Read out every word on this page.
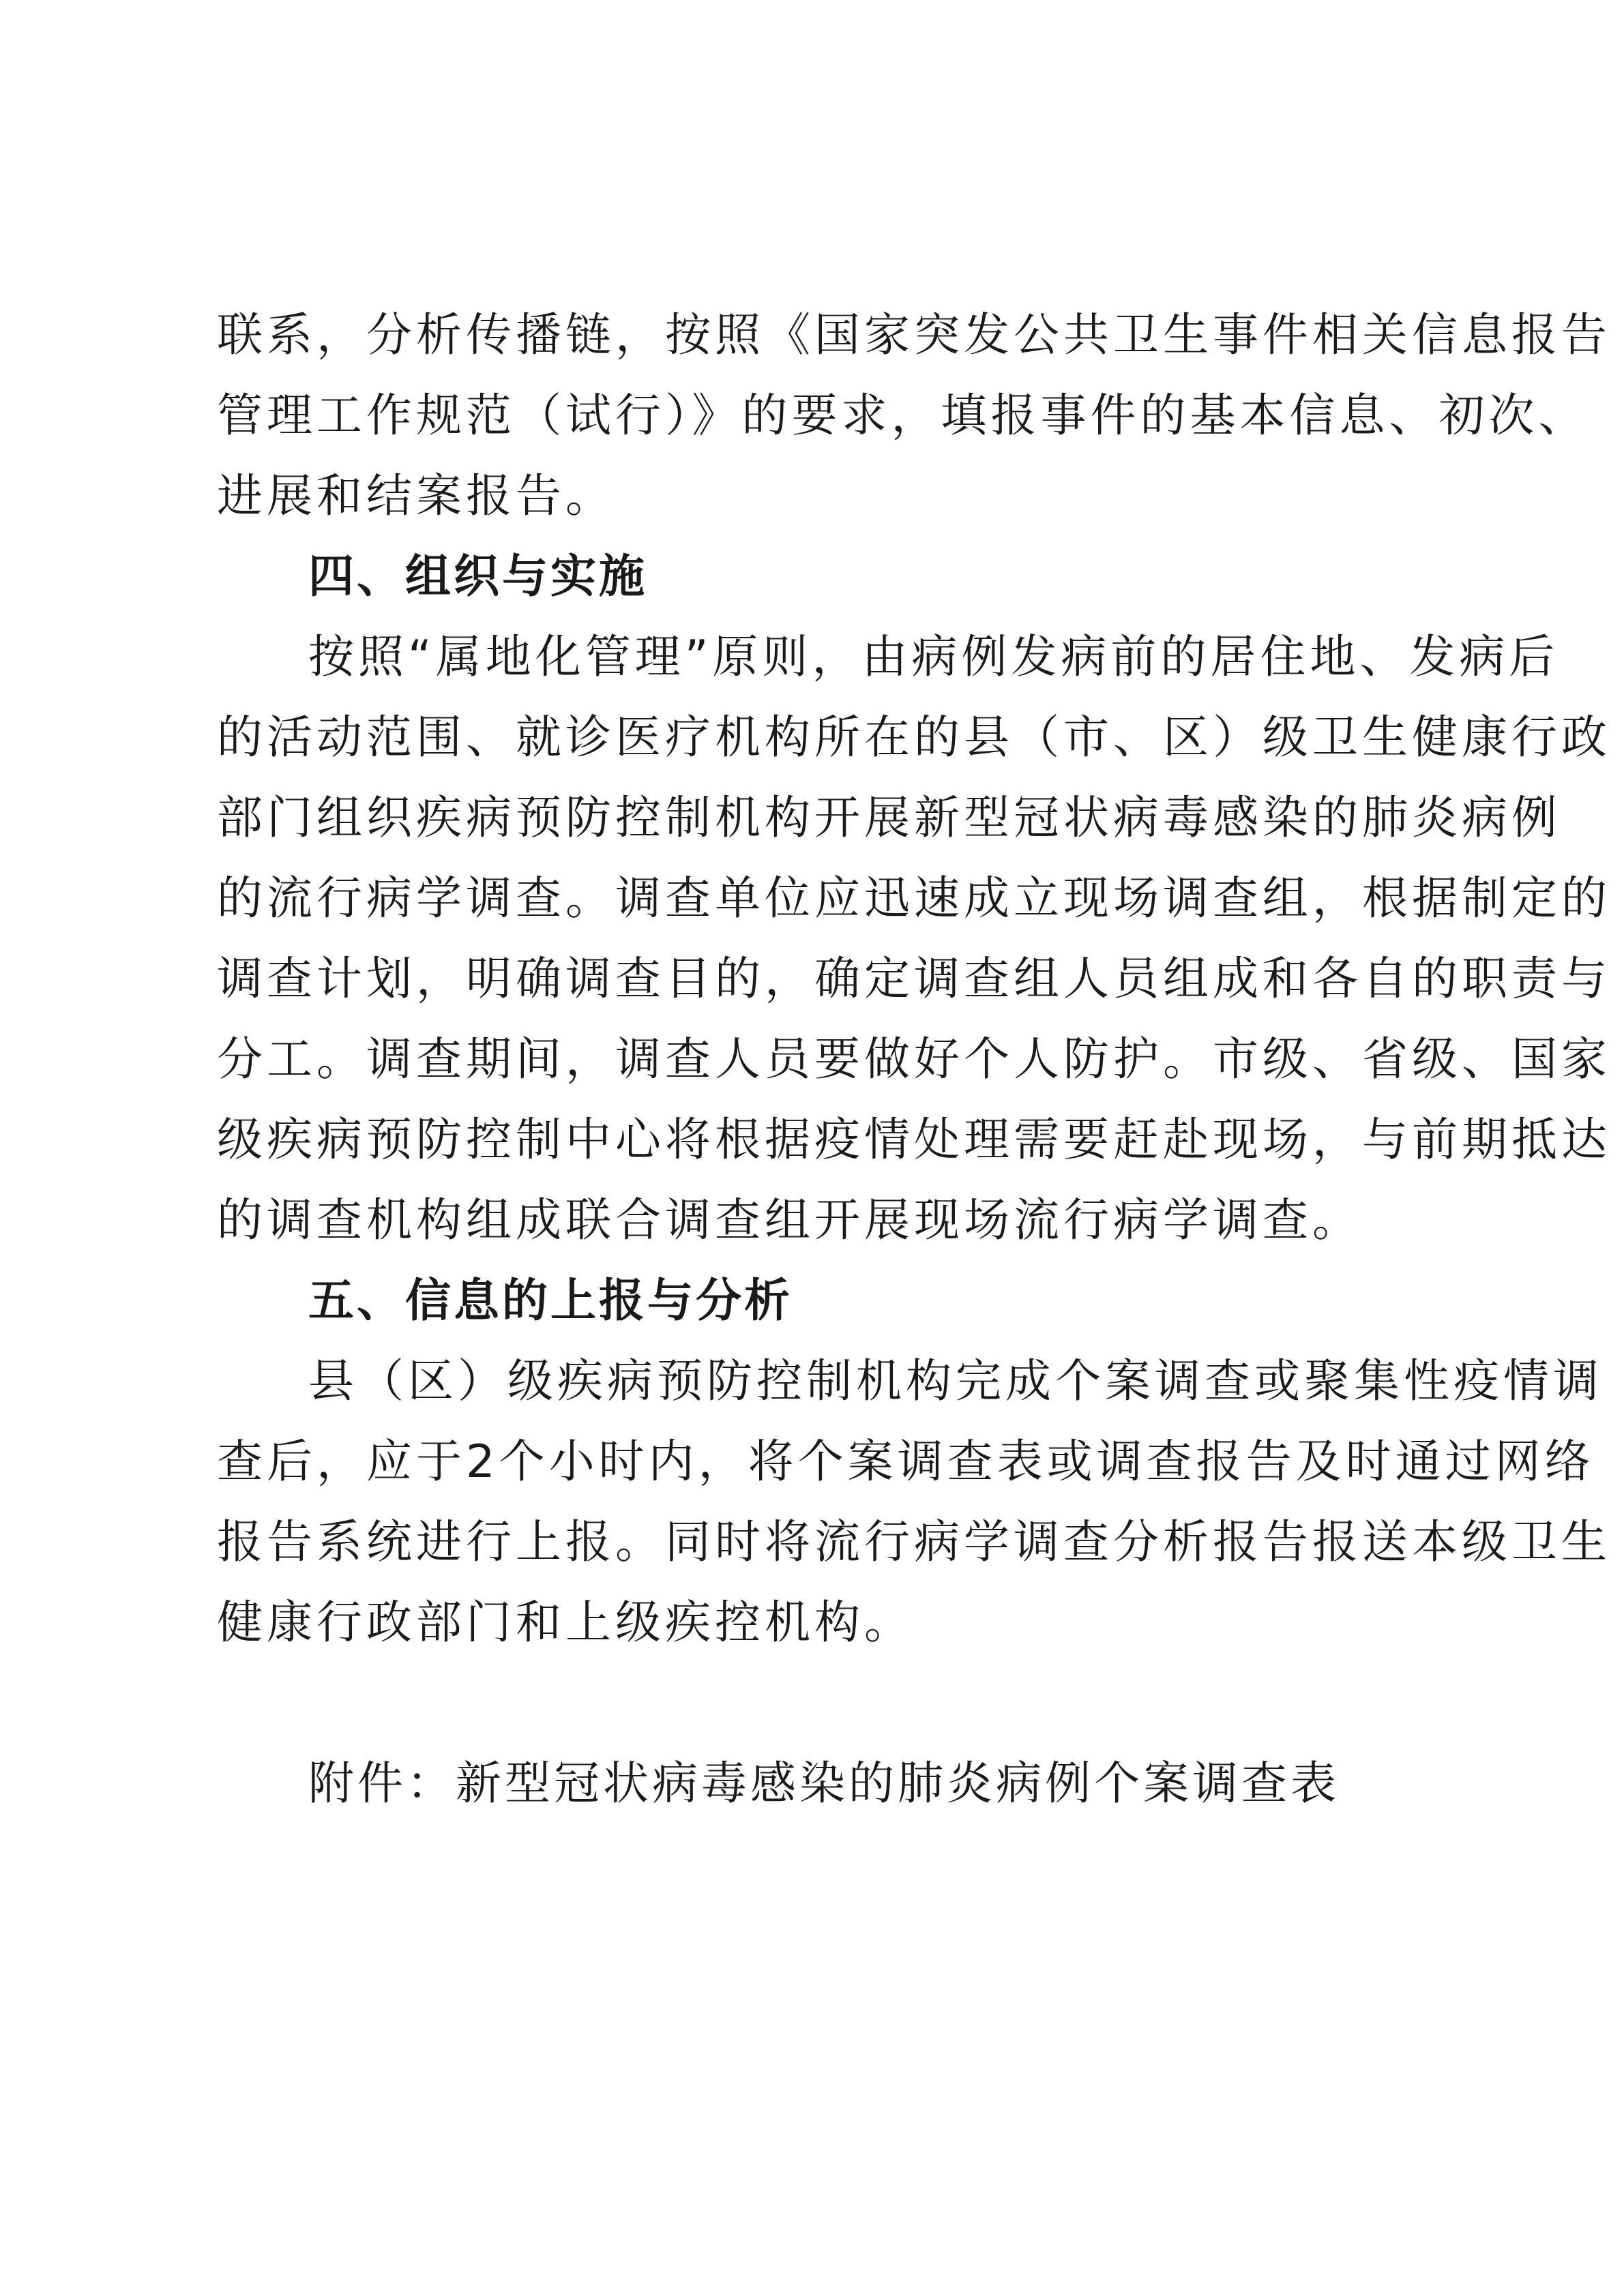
联系，分析传播链，按照《国家突发公共卫生事件相关信息报告
管理工作规范（试行）》的要求，填报事件的基本信息、初次、
进展和结案报告。
四、组织与实施
按照“属地化管理”原则，由病例发病前的居住地、发病后
的活动范围、就诊医疗机构所在的县（市、区）级卫生健康行政
部门组织疾病预防控制机构开展新型冠状病毒感染的肺炎病例
的流行病学调查。调查单位应迅速成立现场调查组，根据制定的
调查计划，明确调查目的，确定调查组人员组成和各自的职责与
分工。调查期间，调查人员要做好个人防护。市级、省级、国家
级疾病预防控制中心将根据疫情处理需要赶赴现场，与前期抵达
的调查机构组成联合调查组开展现场流行病学调查。
五、信息的上报与分析
县（区）级疾病预防控制机构完成个案调查或聚集性疫情调
查后，应于2个小时内，将个案调查表或调查报告及时通过网络
报告系统进行上报。同时将流行病学调查分析报告报送本级卫生
健康行政部门和上级疾控机构。
附件：新型冠状病毒感染的肺炎病例个案调查表
